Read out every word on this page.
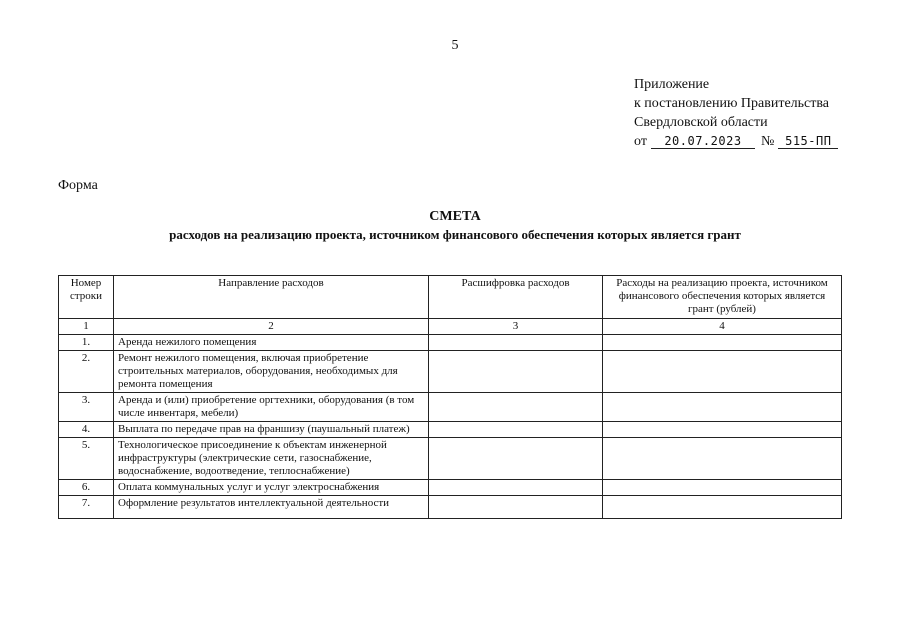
5
Приложение
к постановлению Правительства
Свердловской области
от 20.07.2023 № 515-ПП
Форма
СМЕТА
расходов на реализацию проекта, источником финансового обеспечения которых является грант
Номер строки	Направление расходов	Расшифровка расходов	Расходы на реализацию проекта, источником финансового обеспечения которых является грант (рублей)
1	2	3	4
1.	Аренда нежилого помещения		
2.	Ремонт нежилого помещения, включая приобретение строительных материалов, оборудования, необходимых для ремонта помещения		
3.	Аренда и (или) приобретение оргтехники, оборудования (в том числе инвентаря, мебели)		
4.	Выплата по передаче прав на франшизу (паушальный платеж)		
5.	Технологическое присоединение к объектам инженерной инфраструктуры (электрические сети, газоснабжение, водоснабжение, водоотведение, теплоснабжение)		
6.	Оплата коммунальных услуг и услуг электроснабжения		
7.	Оформление результатов интеллектуальной деятельности		
